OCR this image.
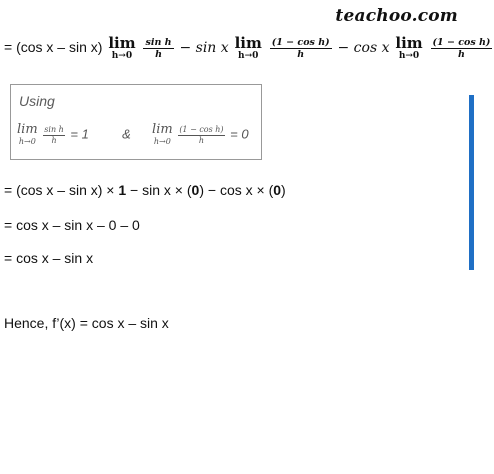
teachoo.com
= (cos x – sin x) lim
h→0
$\frac{\text{sin h}}{h} - \sin x$ lim
h→0
$\frac{\text{(1 − cos h)}}{h} - \cos x$ lim
h→0
$\frac{\text{(1 − cos h)}}{h}$
Using
lim
h→0
$\frac{\text{sin h}}{h} = 1$	& lim
h→0
$\frac{\text{(1 − cos h)}}{h} = 0$
= (cos x – sin x) × 1 − sin x × (0) − cos x × (0)
= cos x – sin x – 0 – 0
= cos x – sin x
Hence, f’(x) = cos x – sin x
